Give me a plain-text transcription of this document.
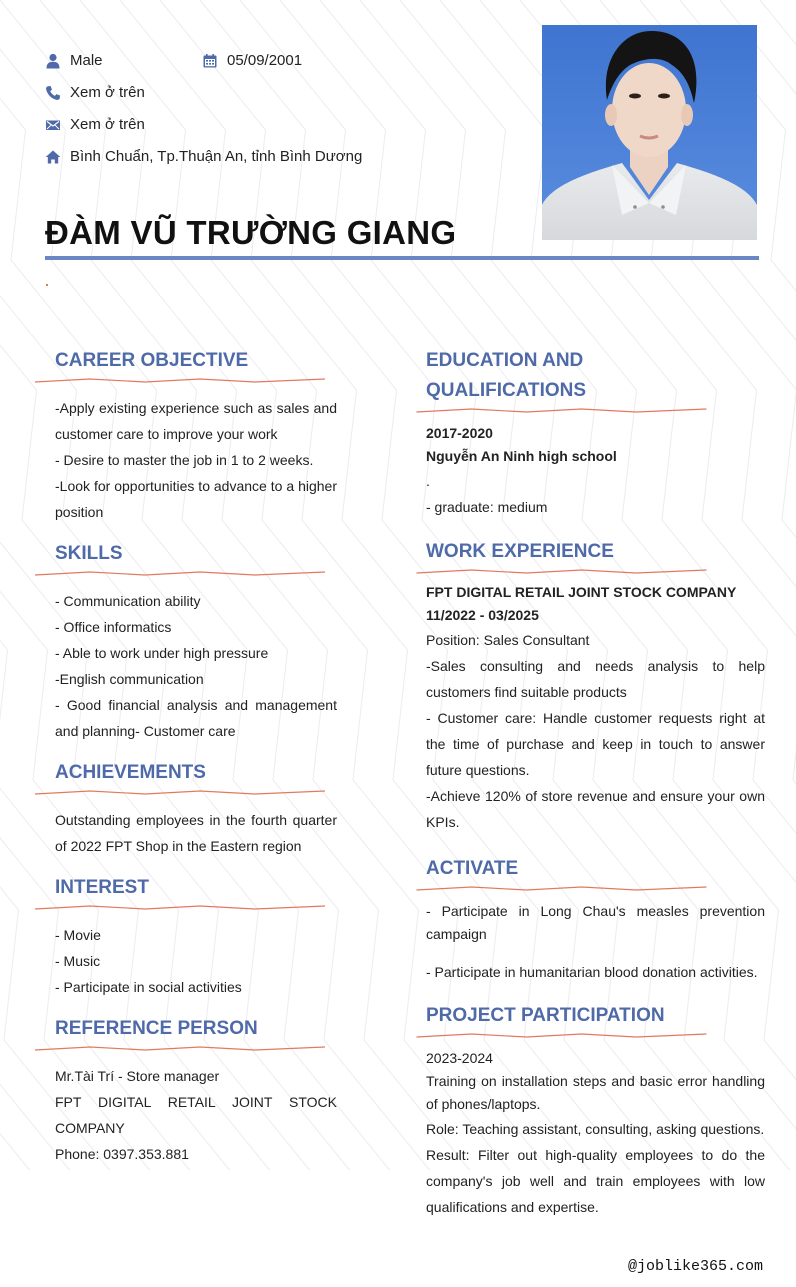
Male	05/09/2001
Xem ở trên
Xem ở trên
Bình Chuẩn, Tp.Thuận An, tỉnh Bình Dương
ĐÀM VŨ TRƯỜNG GIANG
CAREER OBJECTIVE
-Apply existing experience such as sales and customer care to improve your work
- Desire to master the job in 1 to 2 weeks.
-Look for opportunities to advance to a higher position
SKILLS
- Communication ability
- Office informatics
- Able to work under high pressure
-English communication
- Good financial analysis and management and planning- Customer care
ACHIEVEMENTS
Outstanding employees in the fourth quarter of 2022 FPT Shop in the Eastern region
INTEREST
- Movie
- Music
- Participate in social activities
REFERENCE PERSON
Mr.Tài Trí - Store manager
FPT DIGITAL RETAIL JOINT STOCK COMPANY
Phone: 0397.353.881
EDUCATION AND
QUALIFICATIONS
2017-2020
Nguyễn An Ninh high school
.
- graduate: medium
WORK EXPERIENCE
FPT DIGITAL RETAIL JOINT STOCK COMPANY
11/2022 - 03/2025
Position: Sales Consultant
-Sales consulting and needs analysis to help customers find suitable products
- Customer care: Handle customer requests right at the time of purchase and keep in touch to answer future questions.
-Achieve 120% of store revenue and ensure your own KPIs.
ACTIVATE
- Participate in Long Chau's measles prevention campaign
- Participate in humanitarian blood donation activities.
PROJECT PARTICIPATION
2023-2024
Training on installation steps and basic error handling of phones/laptops.
Role: Teaching assistant, consulting, asking questions.
Result: Filter out high-quality employees to do the company's job well and train employees with low qualifications and expertise.
@joblike365.com
